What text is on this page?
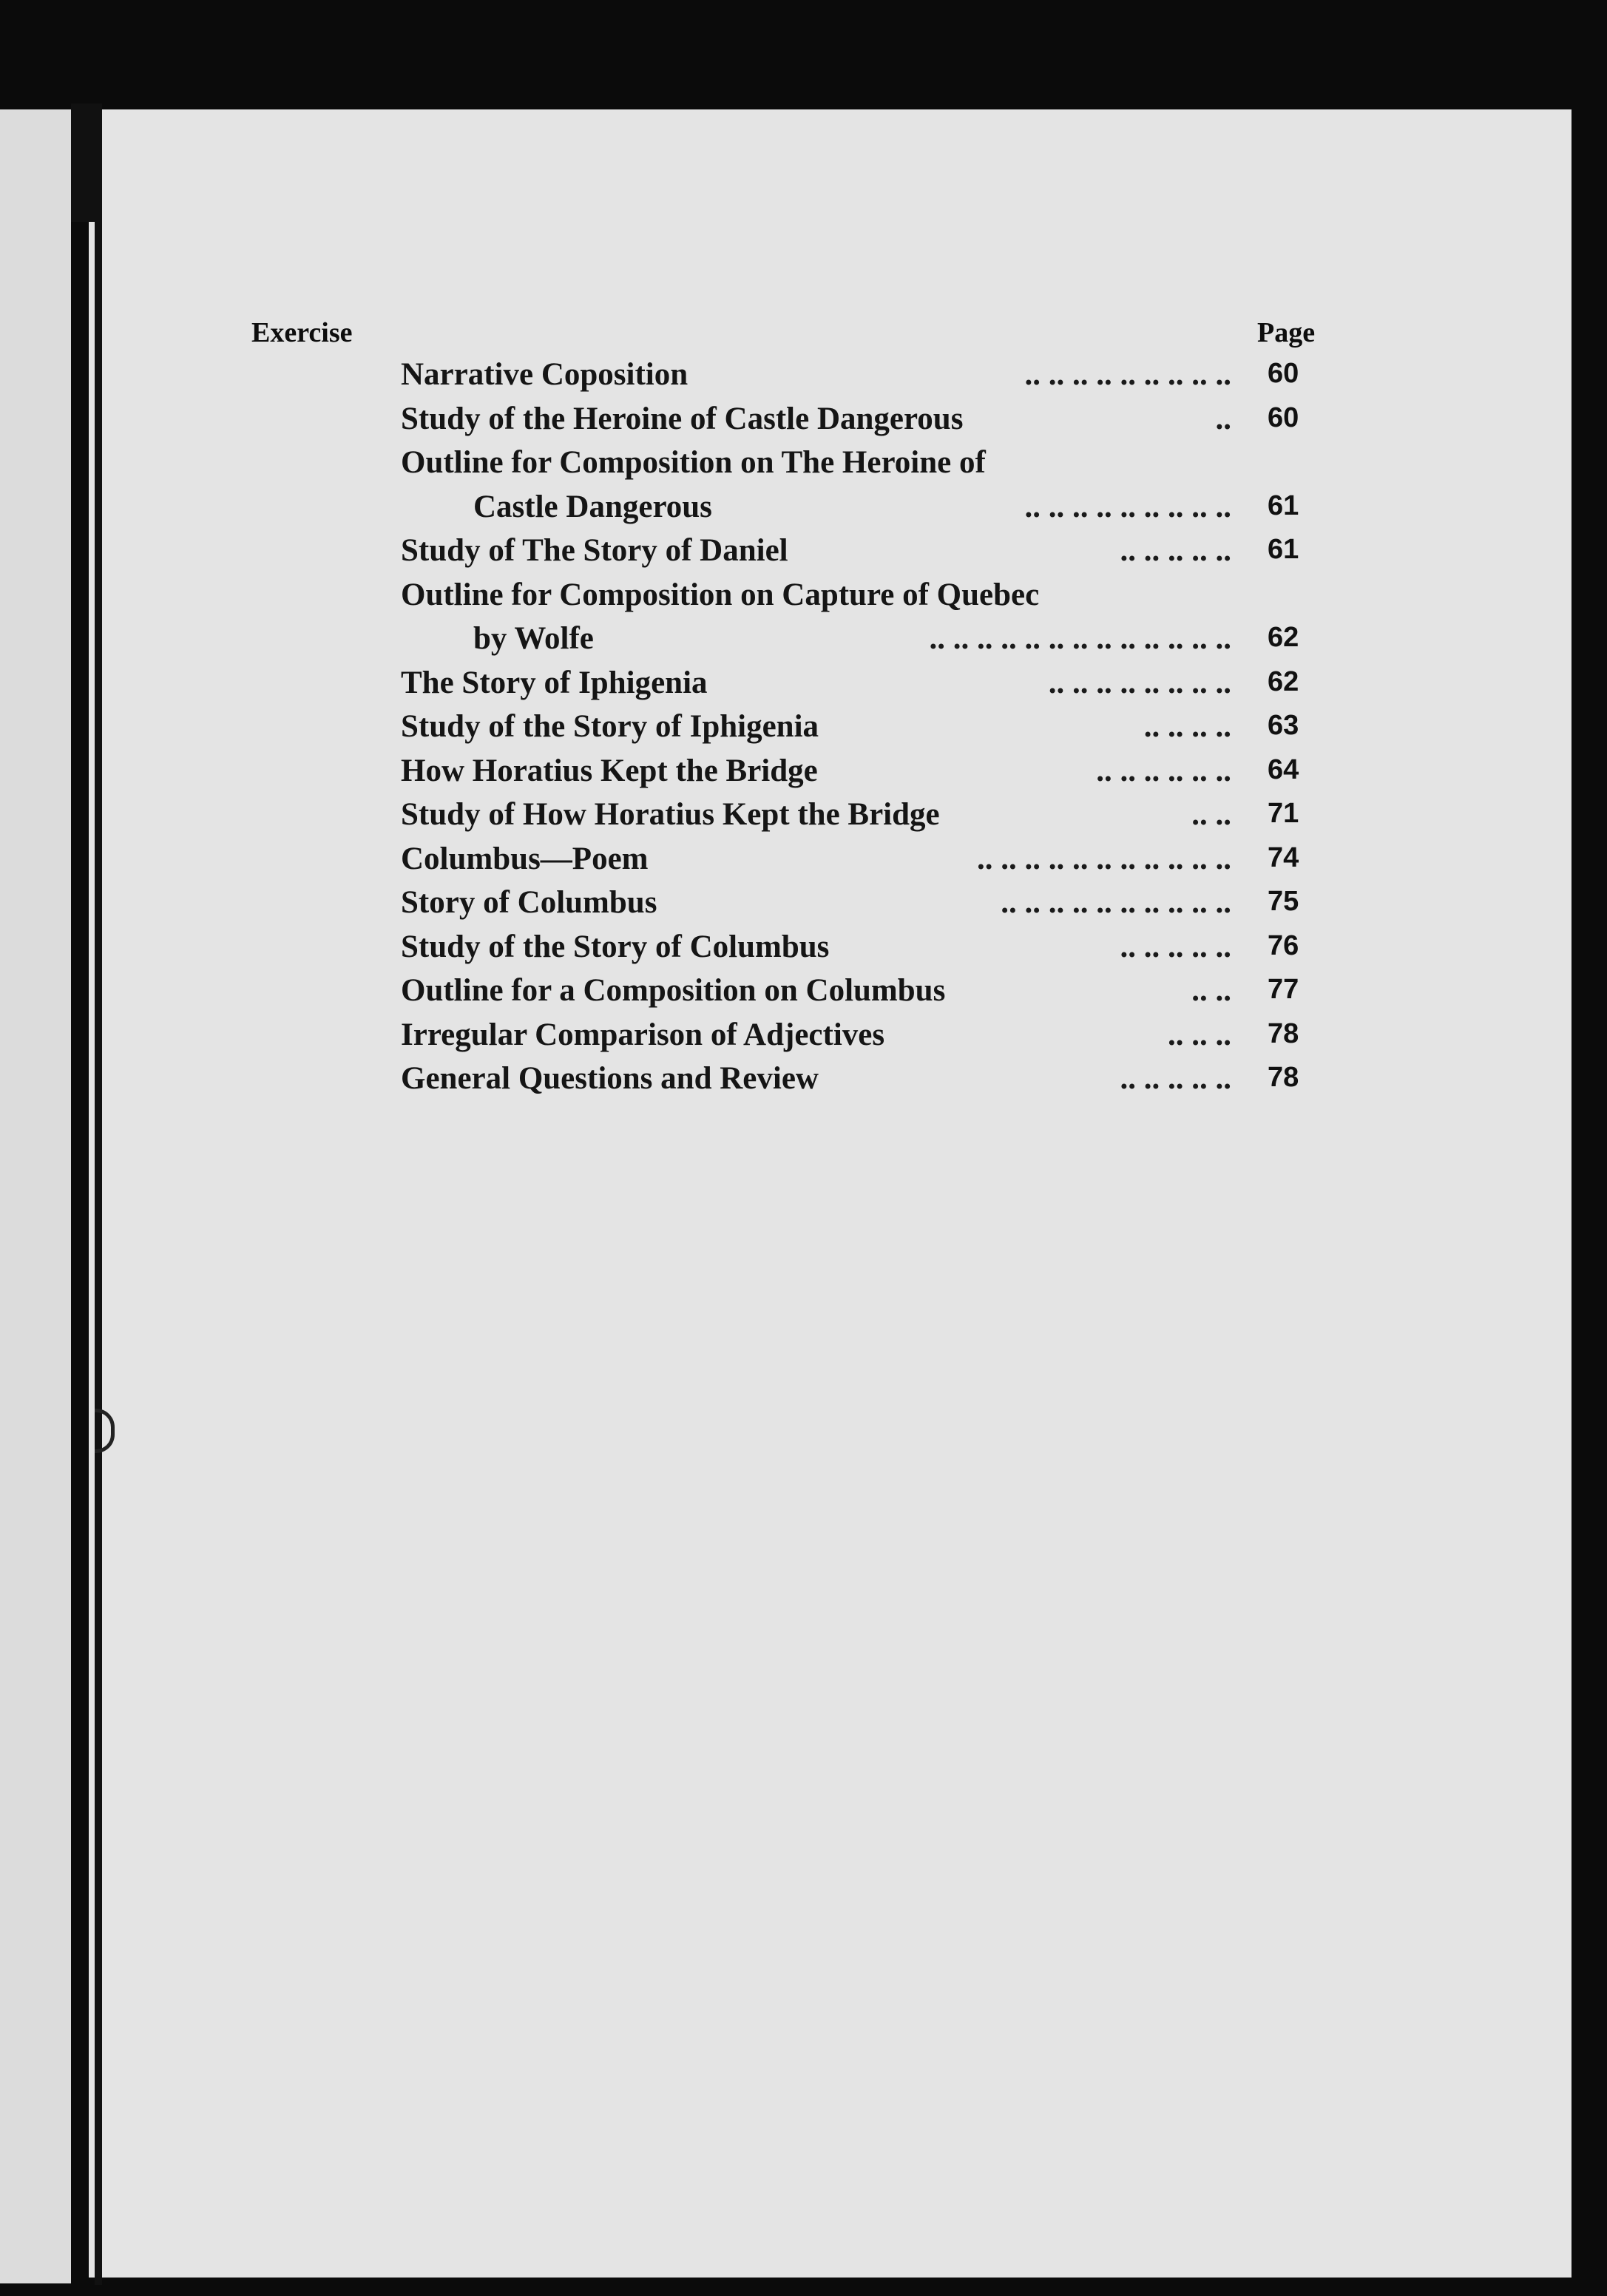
Exercise	Page
Narrative Coposition	.. .. .. .. .. .. .. .. .. 60
Study of the Heroine of Castle Dangerous	.. 60
Outline for Composition on The Heroine of
Castle Dangerous	.. .. .. .. .. .. .. .. .. 61
Study of The Story of Daniel	.. .. .. .. .. 61
Outline for Composition on Capture of Quebec
by Wolfe	.. .. .. .. .. .. .. .. .. .. .. .. .. 62
The Story of Iphigenia	.. .. .. .. .. .. .. .. 62
Study of the Story of Iphigenia	.. .. .. .. 63
How Horatius Kept the Bridge	.. .. .. .. .. .. 64
Study of How Horatius Kept the Bridge	.. .. 71
Columbus—Poem	.. .. .. .. .. .. .. .. .. .. .. 74
Story of Columbus	.. .. .. .. .. .. .. .. .. .. 75
Study of the Story of Columbus	.. .. .. .. .. 76
Outline for a Composition on Columbus	.. .. 77
Irregular Comparison of Adjectives	.. .. .. 78
General Questions and Review	.. .. .. .. .. 78
